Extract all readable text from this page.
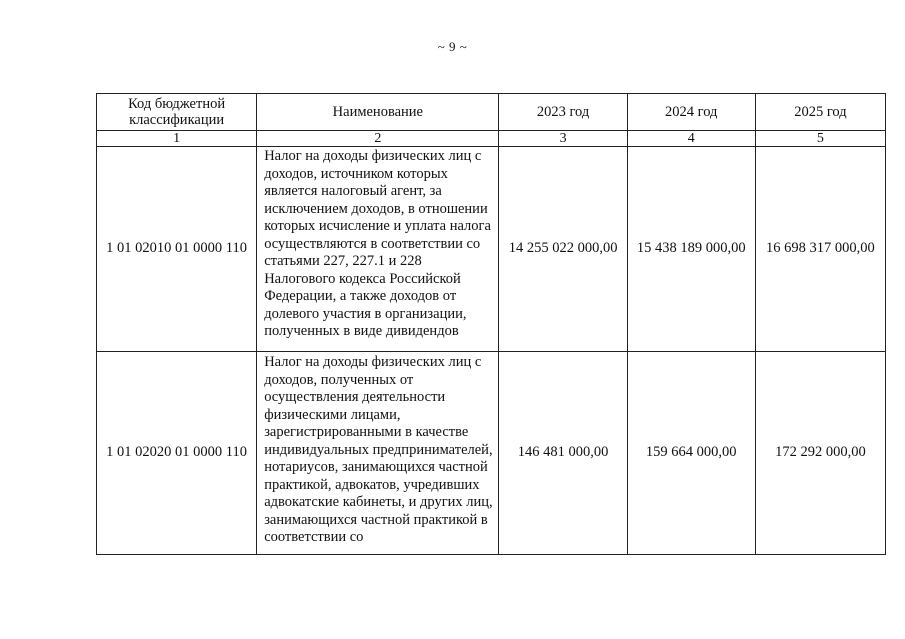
~ 9 ~
Код бюджетной классификации	Наименование	2023 год	2024 год	2025 год
1	2	3	4	5
1 01 02010 01 0000 110	Налог на доходы физических лиц с доходов, источником которых является налоговый агент, за исключением доходов, в отношении которых исчисление и уплата налога осуществляются в соответствии со статьями 227, 227.1 и 228 Налогового кодекса Российской Федерации, а также доходов от долевого участия в организации, полученных в виде дивидендов	14 255 022 000,00	15 438 189 000,00	16 698 317 000,00
1 01 02020 01 0000 110	Налог на доходы физических лиц с доходов, полученных от осуществления деятельности физическими лицами, зарегистрированными в качестве индивидуальных предпринимателей, нотариусов, занимающихся частной практикой, адвокатов, учредивших адвокатские кабинеты, и других лиц, занимающихся частной практикой в соответствии со	146 481 000,00	159 664 000,00	172 292 000,00
